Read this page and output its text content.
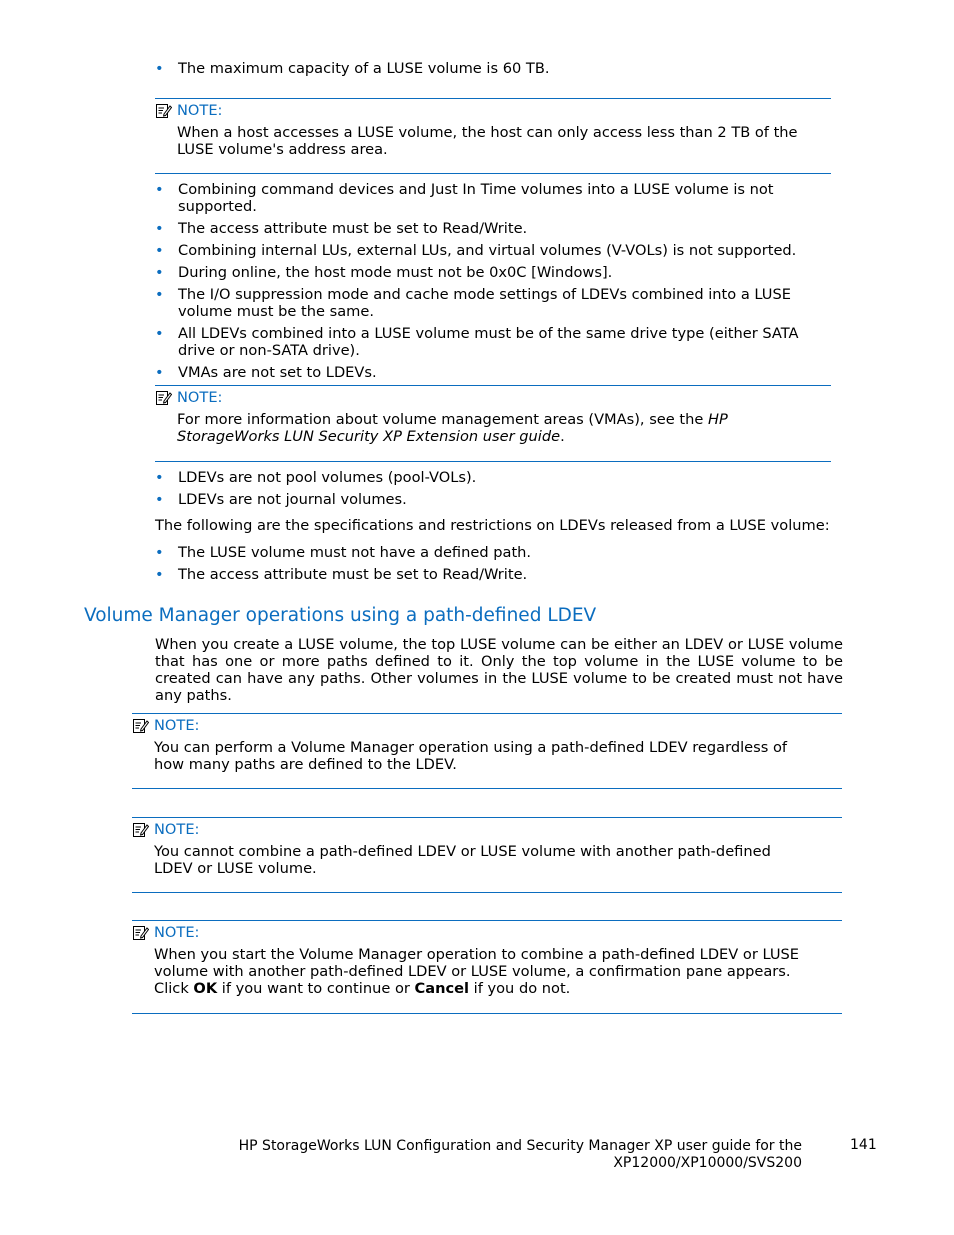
• The maximum capacity of a LUSE volume is 60 TB.
NOTE:
When a host accesses a LUSE volume, the host can only access less than 2 TB of the LUSE volume's address area.
• Combining command devices and Just In Time volumes into a LUSE volume is not supported.
• The access attribute must be set to Read/Write.
• Combining internal LUs, external LUs, and virtual volumes (V-VOLs) is not supported.
• During online, the host mode must not be 0x0C [Windows].
• The I/O suppression mode and cache mode settings of LDEVs combined into a LUSE volume must be the same.
• All LDEVs combined into a LUSE volume must be of the same drive type (either SATA drive or non-SATA drive).
• VMAs are not set to LDEVs.
NOTE:
For more information about volume management areas (VMAs), see the HP StorageWorks LUN Security XP Extension user guide.
• LDEVs are not pool volumes (pool-VOLs).
• LDEVs are not journal volumes.

The following are the specifications and restrictions on LDEVs released from a LUSE volume:

• The LUSE volume must not have a defined path.
• The access attribute must be set to Read/Write.
Volume Manager operations using a path-defined LDEV

When you create a LUSE volume, the top LUSE volume can be either an LDEV or LUSE volume that has one or more paths defined to it. Only the top volume in the LUSE volume to be created can have any paths. Other volumes in the LUSE volume to be created must not have any paths.

NOTE:
You can perform a Volume Manager operation using a path-defined LDEV regardless of how many paths are defined to the LDEV.
NOTE:
You cannot combine a path-defined LDEV or LUSE volume with another path-defined LDEV or LUSE volume.
NOTE:
When you start the Volume Manager operation to combine a path-defined LDEV or LUSE volume with another path-defined LDEV or LUSE volume, a confirmation pane appears. Click OK if you want to continue or Cancel if you do not.
HP StorageWorks LUN Configuration and Security Manager XP user guide for the
XP12000/XP10000/SVS200
141
